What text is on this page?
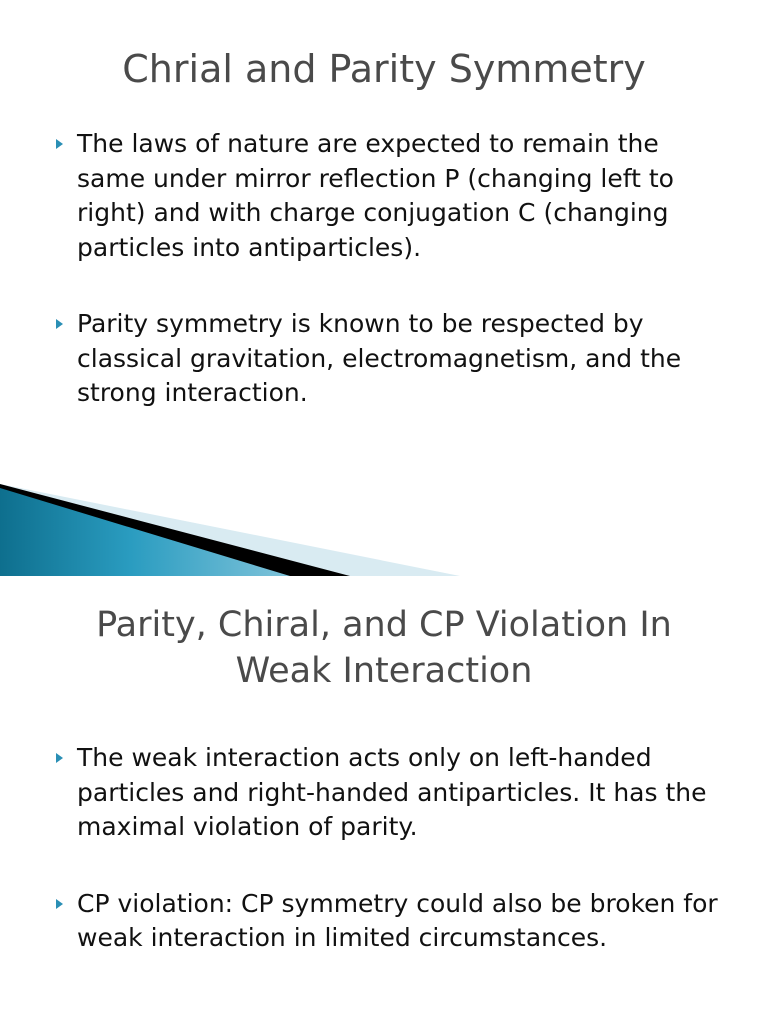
Chrial and Parity Symmetry
The laws of nature are expected to remain the same under mirror reflection P (changing left to right) and with charge conjugation C (changing particles into antiparticles).
Parity symmetry is known to be respected by classical gravitation, electromagnetism, and the strong interaction.
Parity, Chiral, and CP Violation In
Weak Interaction
The weak interaction acts only on left-handed particles and right-handed antiparticles. It has the maximal violation of parity.
CP violation: CP symmetry could also be broken for weak interaction in limited circumstances.
